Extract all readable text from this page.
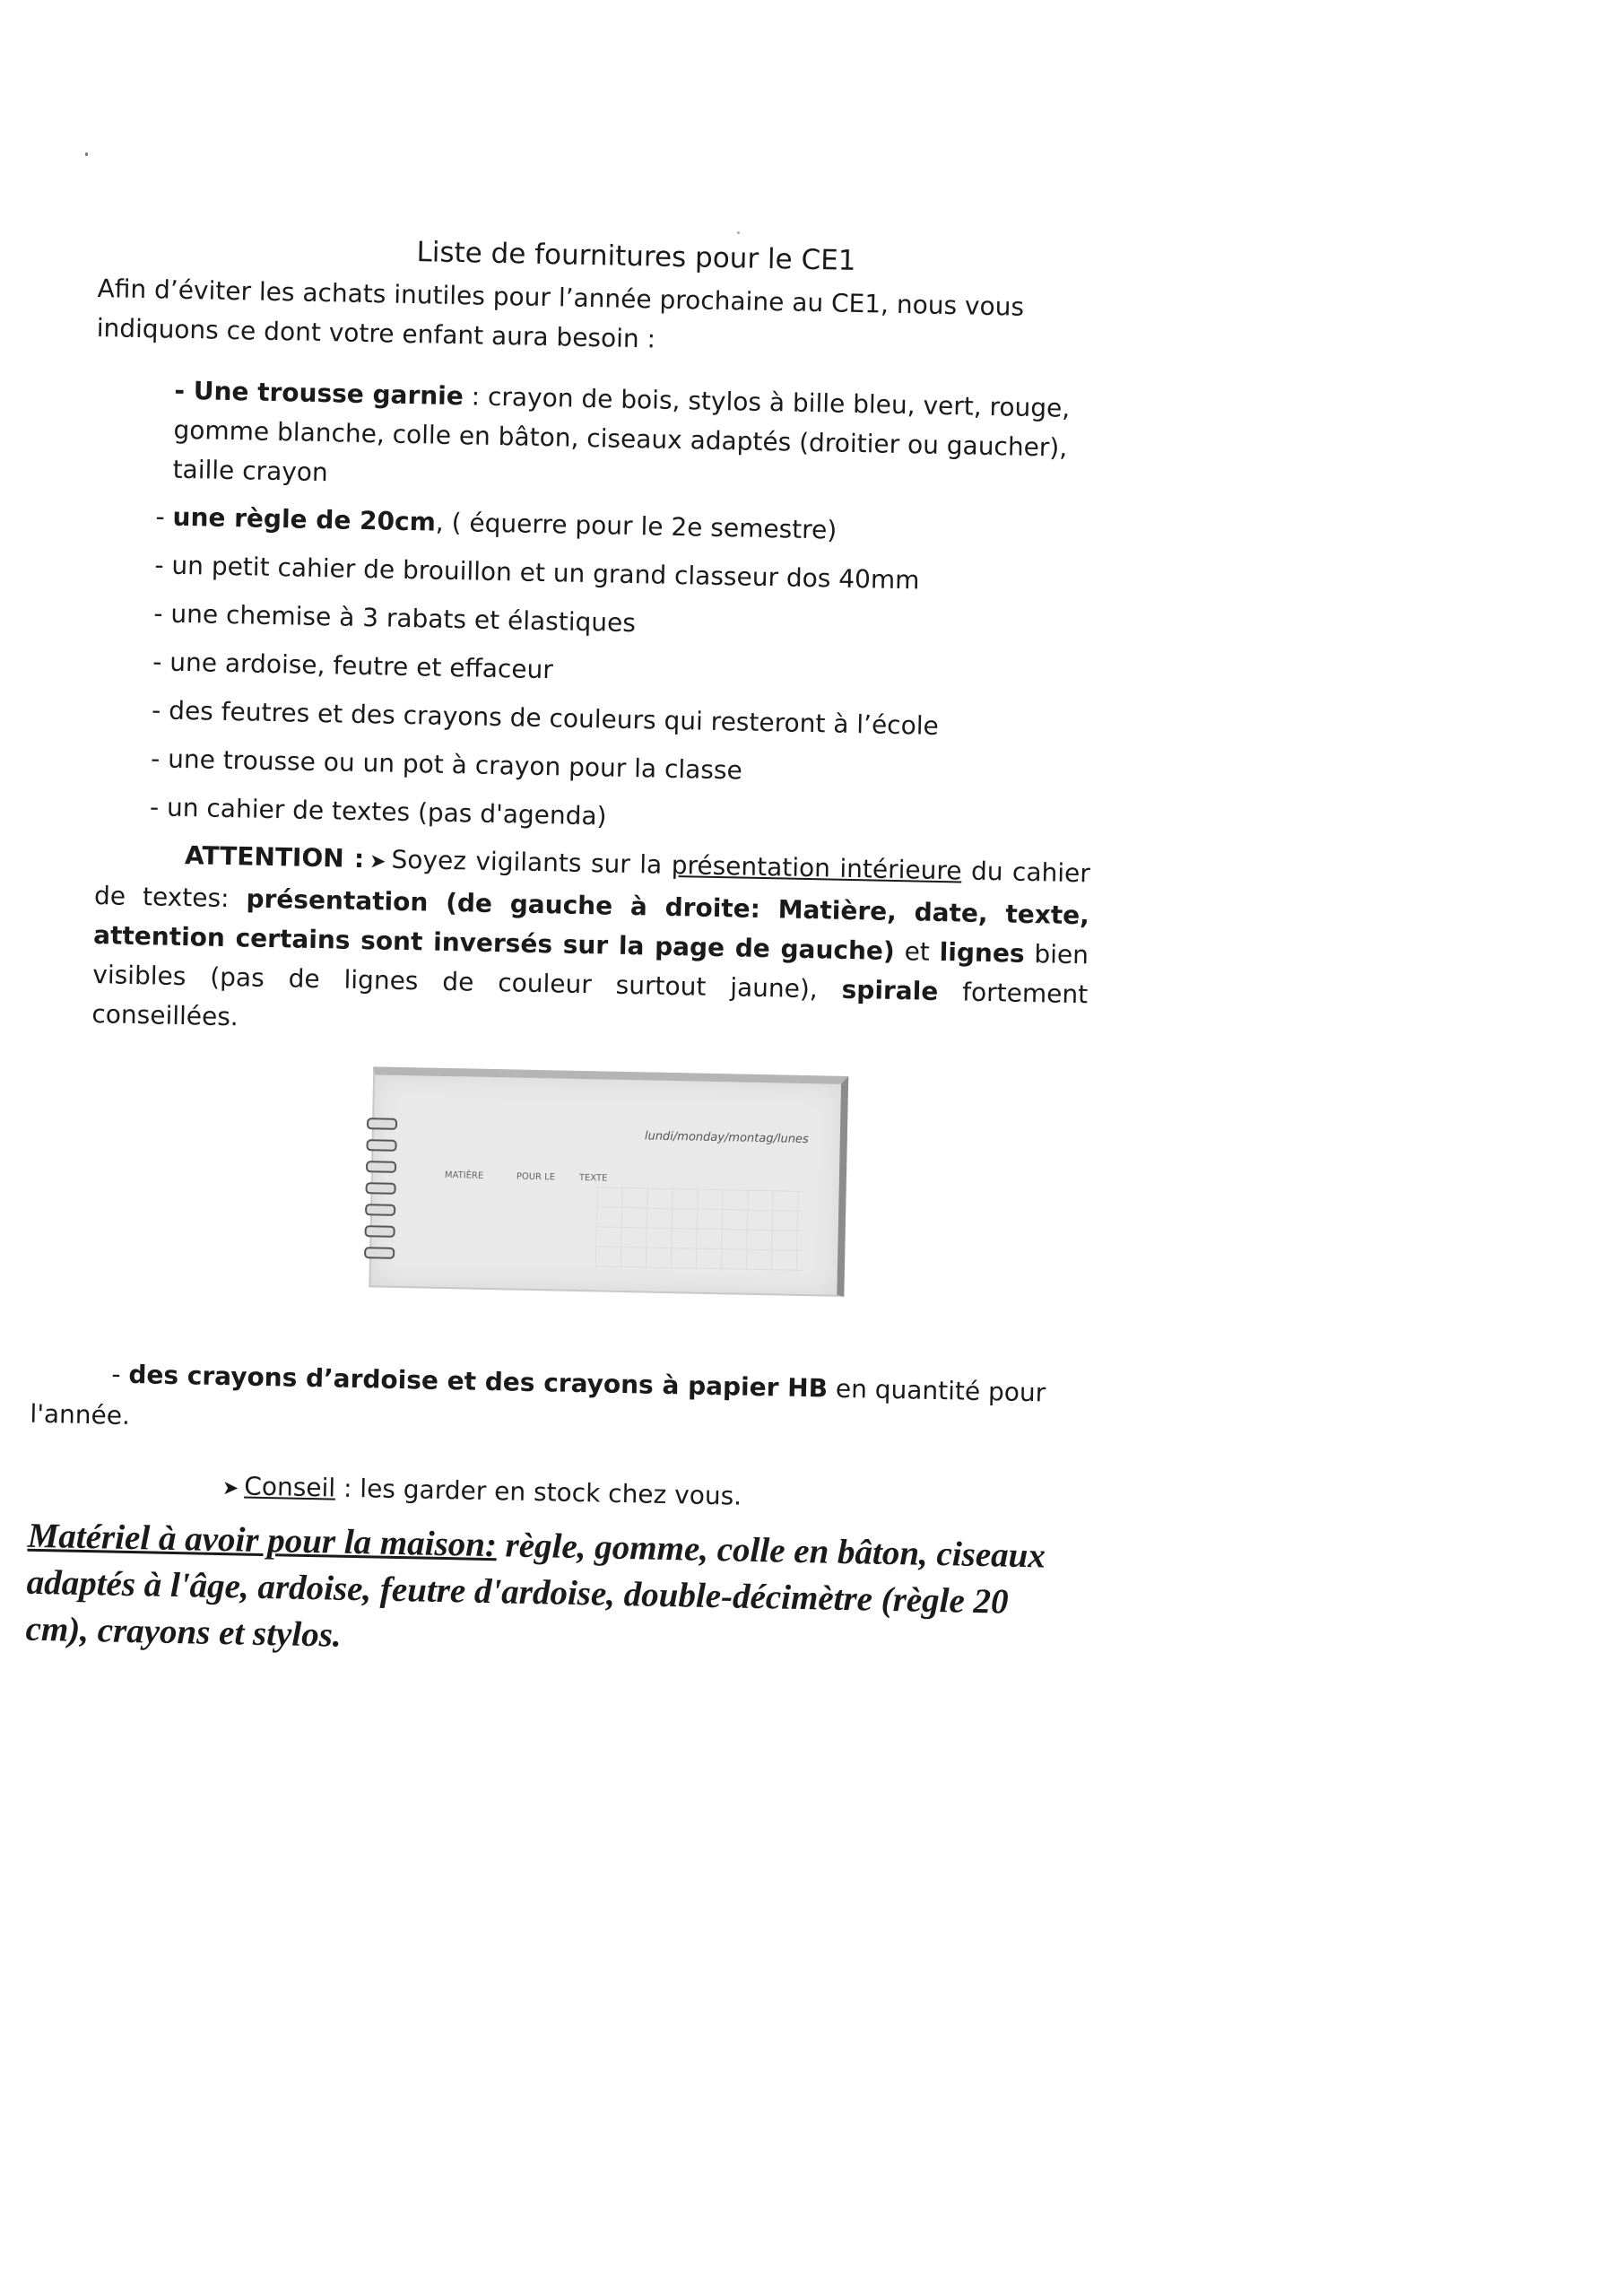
Liste de fournitures pour le CE1

Afin d’éviter les achats inutiles pour l’année prochaine au CE1, nous vous indiquons ce dont votre enfant aura besoin :

- Une trousse garnie : crayon de bois, stylos à bille bleu, vert, rouge, gomme blanche, colle en bâton, ciseaux adaptés (droitier ou gaucher), taille crayon
- une règle de 20cm, ( équerre pour le 2e semestre)
- un petit cahier de brouillon et un grand classeur dos 40mm
- une chemise à 3 rabats et élastiques
- une ardoise, feutre et effaceur
- des feutres et des crayons de couleurs qui resteront à l’école
- une trousse ou un pot à crayon pour la classe
- un cahier de textes (pas d'agenda)

ATTENTION : ➤ Soyez vigilants sur la présentation intérieure du cahier de textes: présentation (de gauche à droite: Matière, date, texte, attention certains sont inversés sur la page de gauche) et lignes bien visibles (pas de lignes de couleur surtout jaune), spirale fortement conseillées.

lundi/monday/montag/lunes
MATIÈRE	POUR LE	TEXTE

- des crayons d’ardoise et des crayons à papier HB en quantité pour l'année.

➤ Conseil : les garder en stock chez vous.

Matériel à avoir pour la maison: règle, gomme, colle en bâton, ciseaux adaptés à l'âge, ardoise, feutre d'ardoise, double-décimètre (règle 20 cm), crayons et stylos.
